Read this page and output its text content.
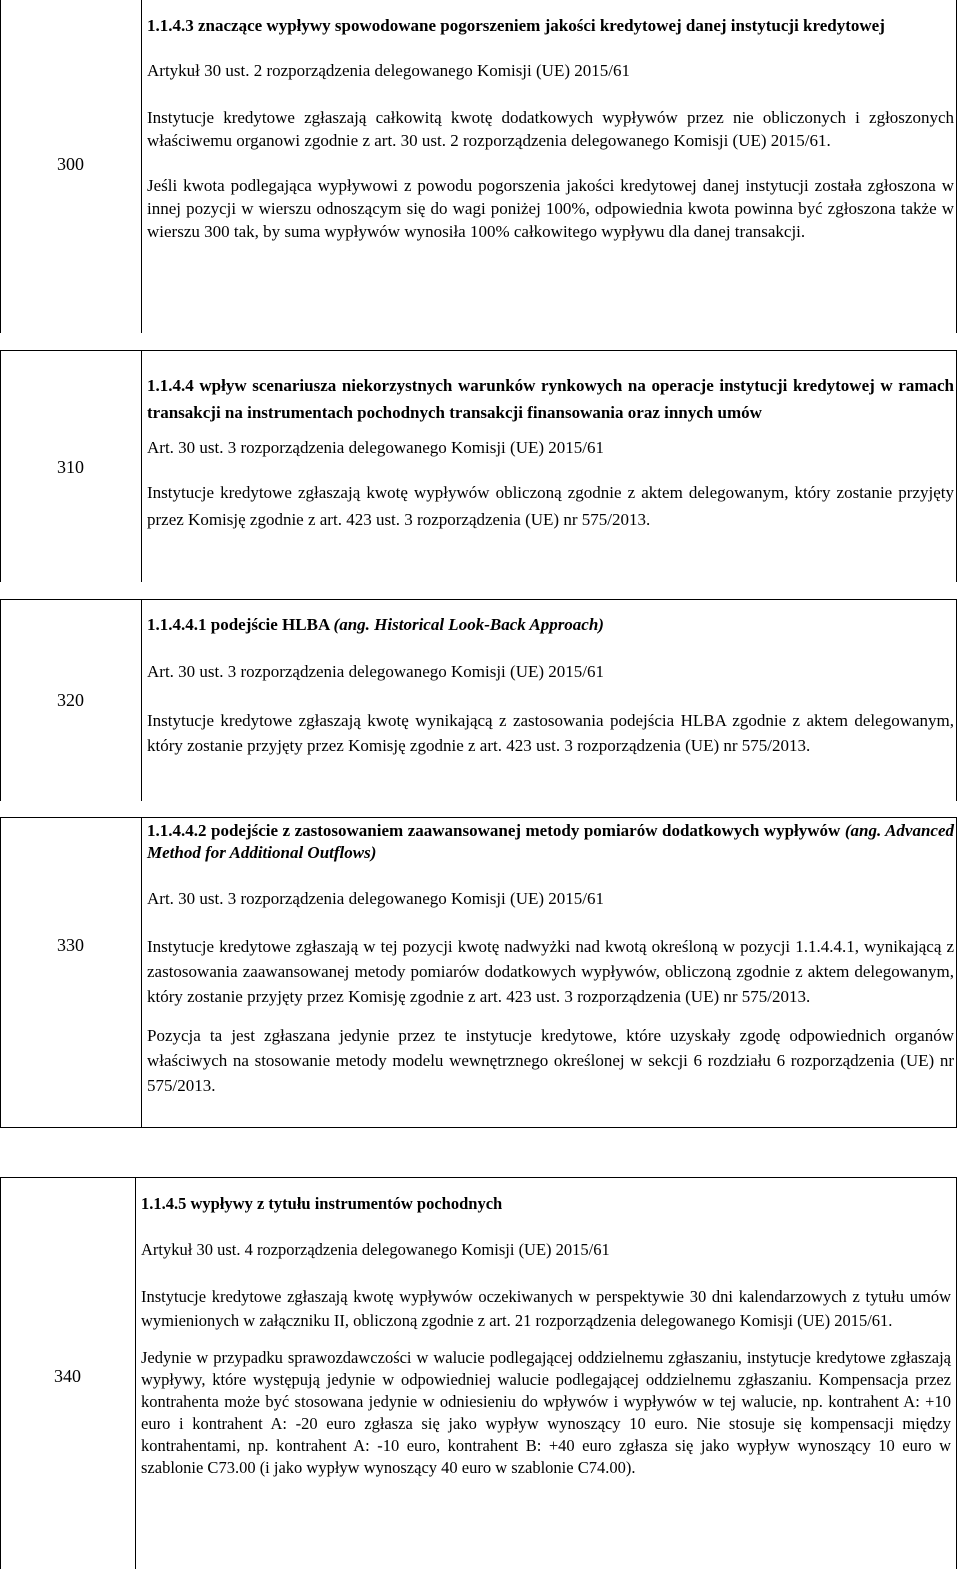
300

1.1.4.3 znaczące wypływy spowodowane pogorszeniem jakości kredytowej danej instytucji kredytowej

Artykuł 30 ust. 2 rozporządzenia delegowanego Komisji (UE) 2015/61

Instytucje kredytowe zgłaszają całkowitą kwotę dodatkowych wypływów przez nie obliczonych i zgłoszonych właściwemu organowi zgodnie z art. 30 ust. 2 rozporządzenia delegowanego Komisji (UE) 2015/61.

Jeśli kwota podlegająca wypływowi z powodu pogorszenia jakości kredytowej danej instytucji została zgłoszona w innej pozycji w wierszu odnoszącym się do wagi poniżej 100%, odpowiednia kwota powinna być zgłoszona także w wierszu 300 tak, by suma wypływów wynosiła 100% całkowitego wypływu dla danej transakcji.

310

1.1.4.4 wpływ scenariusza niekorzystnych warunków rynkowych na operacje instytucji kredytowej w ramach transakcji na instrumentach pochodnych transakcji finansowania oraz innych umów

Art. 30 ust. 3 rozporządzenia delegowanego Komisji (UE) 2015/61

Instytucje kredytowe zgłaszają kwotę wypływów obliczoną zgodnie z aktem delegowanym, który zostanie przyjęty przez Komisję zgodnie z art. 423 ust. 3 rozporządzenia (UE) nr 575/2013.

320

1.1.4.4.1 podejście HLBA (ang. Historical Look-Back Approach)

Art. 30 ust. 3 rozporządzenia delegowanego Komisji (UE) 2015/61

Instytucje kredytowe zgłaszają kwotę wynikającą z zastosowania podejścia HLBA zgodnie z aktem delegowanym, który zostanie przyjęty przez Komisję zgodnie z art. 423 ust. 3 rozporządzenia (UE) nr 575/2013.

330

1.1.4.4.2 podejście z zastosowaniem zaawansowanej metody pomiarów dodatkowych wypływów (ang. Advanced Method for Additional Outflows)

Art. 30 ust. 3 rozporządzenia delegowanego Komisji (UE) 2015/61

Instytucje kredytowe zgłaszają w tej pozycji kwotę nadwyżki nad kwotą określoną w pozycji 1.1.4.4.1, wynikającą z zastosowania zaawansowanej metody pomiarów dodatkowych wypływów, obliczoną zgodnie z aktem delegowanym, który zostanie przyjęty przez Komisję zgodnie z art. 423 ust. 3 rozporządzenia (UE) nr 575/2013.

Pozycja ta jest zgłaszana jedynie przez te instytucje kredytowe, które uzyskały zgodę odpowiednich organów właściwych na stosowanie metody modelu wewnętrznego określonej w sekcji 6 rozdziału 6 rozporządzenia (UE) nr 575/2013.

340

1.1.4.5 wypływy z tytułu instrumentów pochodnych

Artykuł 30 ust. 4 rozporządzenia delegowanego Komisji (UE) 2015/61

Instytucje kredytowe zgłaszają kwotę wypływów oczekiwanych w perspektywie 30 dni kalendarzowych z tytułu umów wymienionych w załączniku II, obliczoną zgodnie z art. 21 rozporządzenia delegowanego Komisji (UE) 2015/61.

Jedynie w przypadku sprawozdawczości w walucie podlegającej oddzielnemu zgłaszaniu, instytucje kredytowe zgłaszają wypływy, które występują jedynie w odpowiedniej walucie podlegającej oddzielnemu zgłaszaniu. Kompensacja przez kontrahenta może być stosowana jedynie w odniesieniu do wpływów i wypływów w tej walucie, np. kontrahent A: +10 euro i kontrahent A: -20 euro zgłasza się jako wypływ wynoszący 10 euro. Nie stosuje się kompensacji między kontrahentami, np. kontrahent A: -10 euro, kontrahent B: +40 euro zgłasza się jako wypływ wynoszący 10 euro w szablonie C73.00 (i jako wypływ wynoszący 40 euro w szablonie C74.00).
